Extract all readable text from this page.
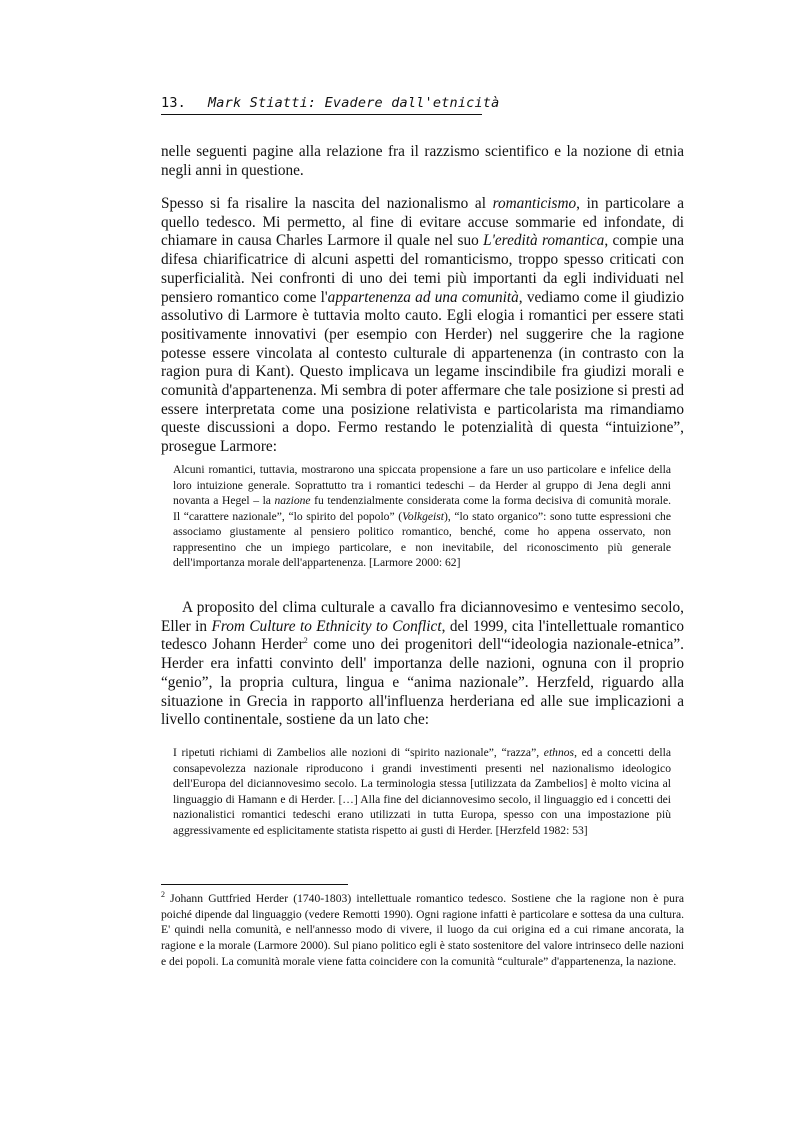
13. Mark Stiatti: Evadere dall'etnicità

nelle seguenti pagine alla relazione fra il razzismo scientifico e la nozione di etnia negli anni in questione.

Spesso si fa risalire la nascita del nazionalismo al romanticismo, in particolare a quello tedesco. Mi permetto, al fine di evitare accuse sommarie ed infondate, di chiamare in causa Charles Larmore il quale nel suo L'eredità romantica, compie una difesa chiarificatrice di alcuni aspetti del romanticismo, troppo spesso criticati con superficialità. Nei confronti di uno dei temi più importanti da egli individuati nel pensiero romantico come l'appartenenza ad una comunità, vediamo come il giudizio assolutivo di Larmore è tuttavia molto cauto. Egli elogia i romantici per essere stati positivamente innovativi (per esempio con Herder) nel suggerire che la ragione potesse essere vincolata al contesto culturale di appartenenza (in contrasto con la ragion pura di Kant). Questo implicava un legame inscindibile fra giudizi morali e comunità d'appartenenza. Mi sembra di poter affermare che tale posizione si presti ad essere interpretata come una posizione relativista e particolarista ma rimandiamo queste discussioni a dopo. Fermo restando le potenzialità di questa “intuizione”, prosegue Larmore:

Alcuni romantici, tuttavia, mostrarono una spiccata propensione a fare un uso particolare e infelice della loro intuizione generale. Soprattutto tra i romantici tedeschi – da Herder al gruppo di Jena degli anni novanta a Hegel – la nazione fu tendenzialmente considerata come la forma decisiva di comunità morale. Il “carattere nazionale”, “lo spirito del popolo” (Volkgeist), “lo stato organico”: sono tutte espressioni che associamo giustamente al pensiero politico romantico, benché, come ho appena osservato, non rappresentino che un impiego particolare, e non inevitabile, del riconoscimento più generale dell'importanza morale dell'appartenenza. [Larmore 2000: 62]

A proposito del clima culturale a cavallo fra diciannovesimo e ventesimo secolo, Eller in From Culture to Ethnicity to Conflict, del 1999, cita l'intellettuale romantico tedesco Johann Herder$^2$ come uno dei progenitori dell'“ideologia nazionale-etnica”. Herder era infatti convinto dell' importanza delle nazioni, ognuna con il proprio “genio”, la propria cultura, lingua e “anima nazionale”. Herzfeld, riguardo alla situazione in Grecia in rapporto all'influenza herderiana ed alle sue implicazioni a livello continentale, sostiene da un lato che:

I ripetuti richiami di Zambelios alle nozioni di “spirito nazionale”, “razza”, ethnos, ed a concetti della consapevolezza nazionale riproducono i grandi investimenti presenti nel nazionalismo ideologico dell'Europa del diciannovesimo secolo. La terminologia stessa [utilizzata da Zambelios] è molto vicina al linguaggio di Hamann e di Herder. […] Alla fine del diciannovesimo secolo, il linguaggio ed i concetti dei nazionalistici romantici tedeschi erano utilizzati in tutta Europa, spesso con una impostazione più aggressivamente ed esplicitamente statista rispetto ai gusti di Herder. [Herzfeld 1982: 53]

$^2$ Johann Guttfried Herder (1740-1803) intellettuale romantico tedesco. Sostiene che la ragione non è pura poiché dipende dal linguaggio (vedere Remotti 1990). Ogni ragione infatti è particolare e sottesa da una cultura. E' quindi nella comunità, e nell'annesso modo di vivere, il luogo da cui origina ed a cui rimane ancorata, la ragione e la morale (Larmore 2000). Sul piano politico egli è stato sostenitore del valore intrinseco delle nazioni e dei popoli. La comunità morale viene fatta coincidere con la comunità “culturale” d'appartenenza, la nazione.
